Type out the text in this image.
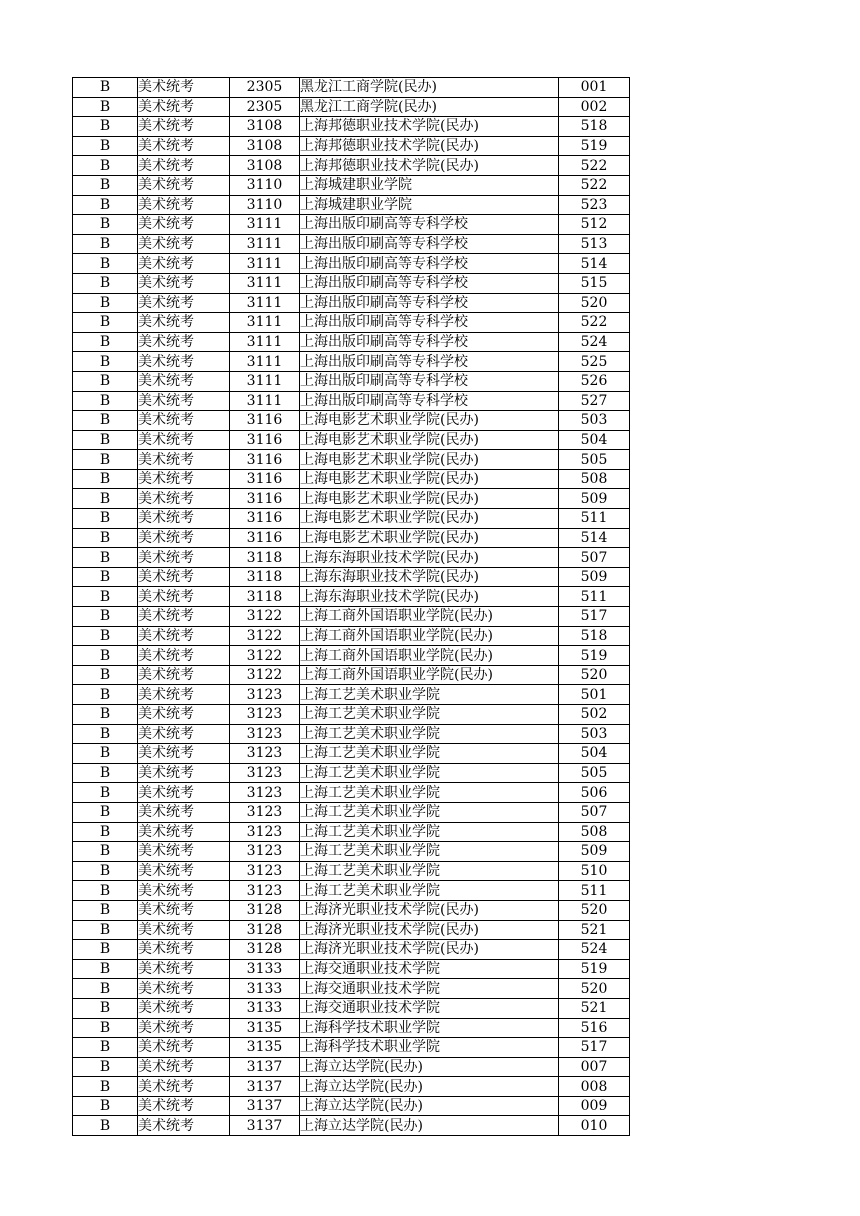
B	美术统考	2305	黑龙江工商学院(民办)	001
B	美术统考	2305	黑龙江工商学院(民办)	002
B	美术统考	3108	上海邦德职业技术学院(民办)	518
B	美术统考	3108	上海邦德职业技术学院(民办)	519
B	美术统考	3108	上海邦德职业技术学院(民办)	522
B	美术统考	3110	上海城建职业学院	522
B	美术统考	3110	上海城建职业学院	523
B	美术统考	3111	上海出版印刷高等专科学校	512
B	美术统考	3111	上海出版印刷高等专科学校	513
B	美术统考	3111	上海出版印刷高等专科学校	514
B	美术统考	3111	上海出版印刷高等专科学校	515
B	美术统考	3111	上海出版印刷高等专科学校	520
B	美术统考	3111	上海出版印刷高等专科学校	522
B	美术统考	3111	上海出版印刷高等专科学校	524
B	美术统考	3111	上海出版印刷高等专科学校	525
B	美术统考	3111	上海出版印刷高等专科学校	526
B	美术统考	3111	上海出版印刷高等专科学校	527
B	美术统考	3116	上海电影艺术职业学院(民办)	503
B	美术统考	3116	上海电影艺术职业学院(民办)	504
B	美术统考	3116	上海电影艺术职业学院(民办)	505
B	美术统考	3116	上海电影艺术职业学院(民办)	508
B	美术统考	3116	上海电影艺术职业学院(民办)	509
B	美术统考	3116	上海电影艺术职业学院(民办)	511
B	美术统考	3116	上海电影艺术职业学院(民办)	514
B	美术统考	3118	上海东海职业技术学院(民办)	507
B	美术统考	3118	上海东海职业技术学院(民办)	509
B	美术统考	3118	上海东海职业技术学院(民办)	511
B	美术统考	3122	上海工商外国语职业学院(民办)	517
B	美术统考	3122	上海工商外国语职业学院(民办)	518
B	美术统考	3122	上海工商外国语职业学院(民办)	519
B	美术统考	3122	上海工商外国语职业学院(民办)	520
B	美术统考	3123	上海工艺美术职业学院	501
B	美术统考	3123	上海工艺美术职业学院	502
B	美术统考	3123	上海工艺美术职业学院	503
B	美术统考	3123	上海工艺美术职业学院	504
B	美术统考	3123	上海工艺美术职业学院	505
B	美术统考	3123	上海工艺美术职业学院	506
B	美术统考	3123	上海工艺美术职业学院	507
B	美术统考	3123	上海工艺美术职业学院	508
B	美术统考	3123	上海工艺美术职业学院	509
B	美术统考	3123	上海工艺美术职业学院	510
B	美术统考	3123	上海工艺美术职业学院	511
B	美术统考	3128	上海济光职业技术学院(民办)	520
B	美术统考	3128	上海济光职业技术学院(民办)	521
B	美术统考	3128	上海济光职业技术学院(民办)	524
B	美术统考	3133	上海交通职业技术学院	519
B	美术统考	3133	上海交通职业技术学院	520
B	美术统考	3133	上海交通职业技术学院	521
B	美术统考	3135	上海科学技术职业学院	516
B	美术统考	3135	上海科学技术职业学院	517
B	美术统考	3137	上海立达学院(民办)	007
B	美术统考	3137	上海立达学院(民办)	008
B	美术统考	3137	上海立达学院(民办)	009
B	美术统考	3137	上海立达学院(民办)	010
